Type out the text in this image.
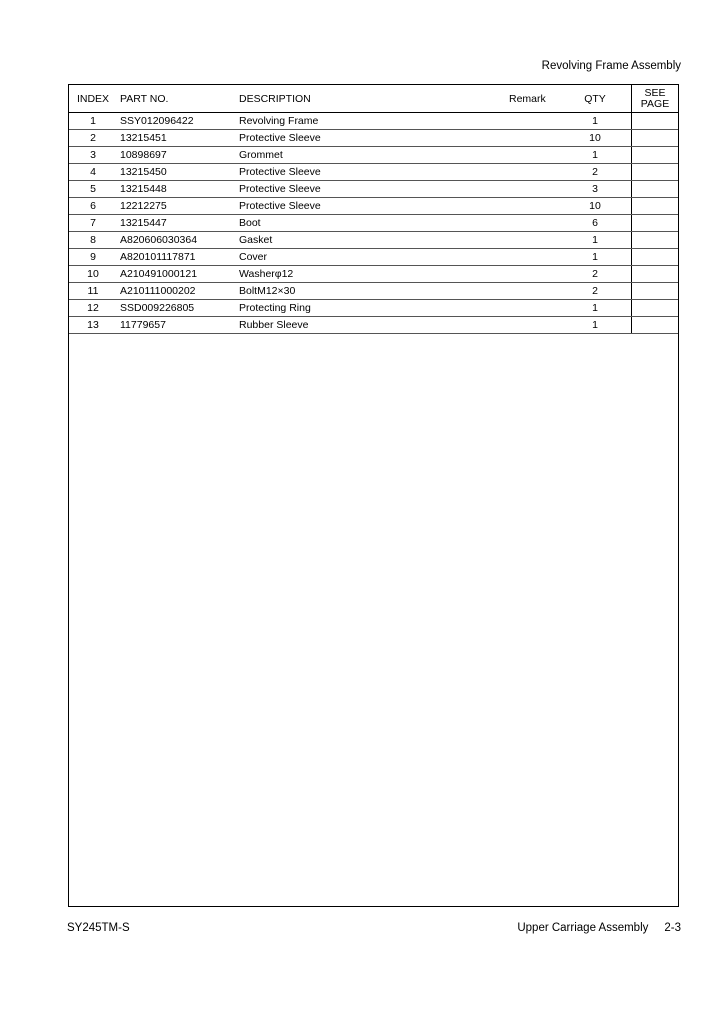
Revolving Frame Assembly
INDEX	PART NO.	DESCRIPTION	Remark	QTY	SEE
PAGE
1	SSY012096422	Revolving Frame		1	
2	13215451	Protective Sleeve		10	
3	10898697	Grommet		1	
4	13215450	Protective Sleeve		2	
5	13215448	Protective Sleeve		3	
6	12212275	Protective Sleeve		10	
7	13215447	Boot		6	
8	A820606030364	Gasket		1	
9	A820101117871	Cover		1	
10	A210491000121	Washerφ12		2	
11	A210111000202	BoltM12×30		2	
12	SSD009226805	Protecting Ring		1	
13	11779657	Rubber Sleeve		1	
SY245TM-S	Upper Carriage Assembly 2-3
